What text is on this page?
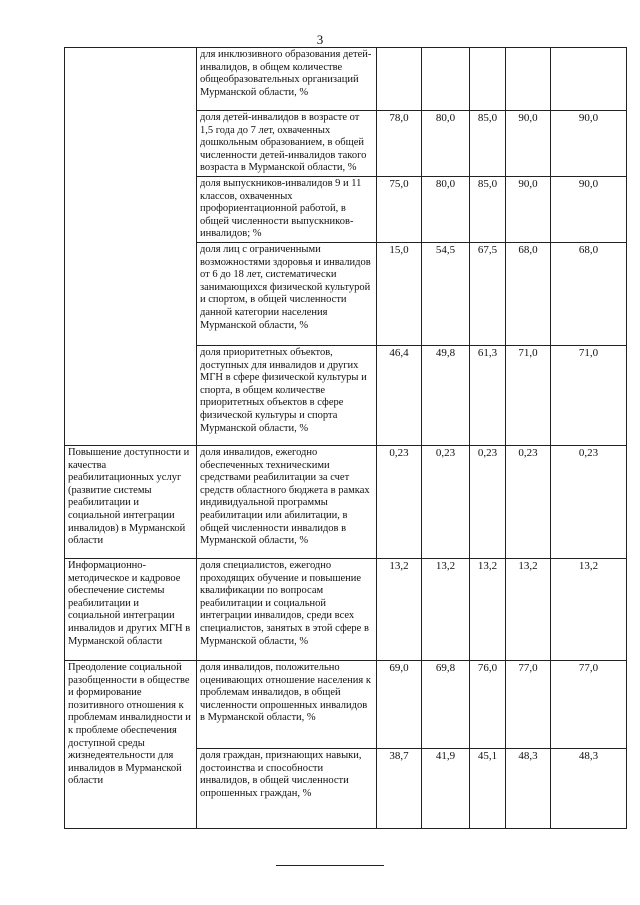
3
	для инклюзивного образования детей-инвалидов, в общем количестве общеобразовательных организаций Мурманской области, %					
	доля детей-инвалидов в возрасте от 1,5 года до 7 лет, охваченных дошкольным образованием, в общей численности детей-инвалидов такого возраста в Мурманской области, %	78,0	80,0	85,0	90,0	90,0
	доля выпускников-инвалидов 9 и 11 классов, охваченных профориентационной работой, в общей численности выпускников-инвалидов; %	75,0	80,0	85,0	90,0	90,0
	доля лиц с ограниченными возможностями здоровья и инвалидов от 6 до 18 лет, систематически занимающихся физической культурой и спортом, в общей численности данной категории населения Мурманской области, %	15,0	54,5	67,5	68,0	68,0
	доля приоритетных объектов, доступных для инвалидов и других МГН в сфере физической культуры и спорта, в общем количестве приоритетных объектов в сфере физической культуры и спорта Мурманской области, %	46,4	49,8	61,3	71,0	71,0
Повышение доступности и качества реабилитационных услуг (развитие системы реабилитации и социальной интеграции инвалидов) в Мурманской области	доля инвалидов, ежегодно обеспеченных техническими средствами реабилитации за счет средств областного бюджета в рамках индивидуальной программы реабилитации или абилитации, в общей численности инвалидов в Мурманской области, %	0,23	0,23	0,23	0,23	0,23
Информационно-методическое и кадровое обеспечение системы реабилитации и социальной интеграции инвалидов и других МГН в Мурманской области	доля специалистов, ежегодно проходящих обучение и повышение квалификации по вопросам реабилитации и социальной интеграции инвалидов, среди всех специалистов, занятых в этой сфере в Мурманской области, %	13,2	13,2	13,2	13,2	13,2
Преодоление социальной разобщенности в обществе и формирование позитивного отношения к проблемам инвалидности и к проблеме обеспечения доступной среды жизнедеятельности для инвалидов в Мурманской области	доля инвалидов, положительно оценивающих отношение населения к проблемам инвалидов, в общей численности опрошенных инвалидов в Мурманской области, %	69,0	69,8	76,0	77,0	77,0
	доля граждан, признающих навыки, достоинства и способности инвалидов, в общей численности опрошенных граждан, %	38,7	41,9	45,1	48,3	48,3
